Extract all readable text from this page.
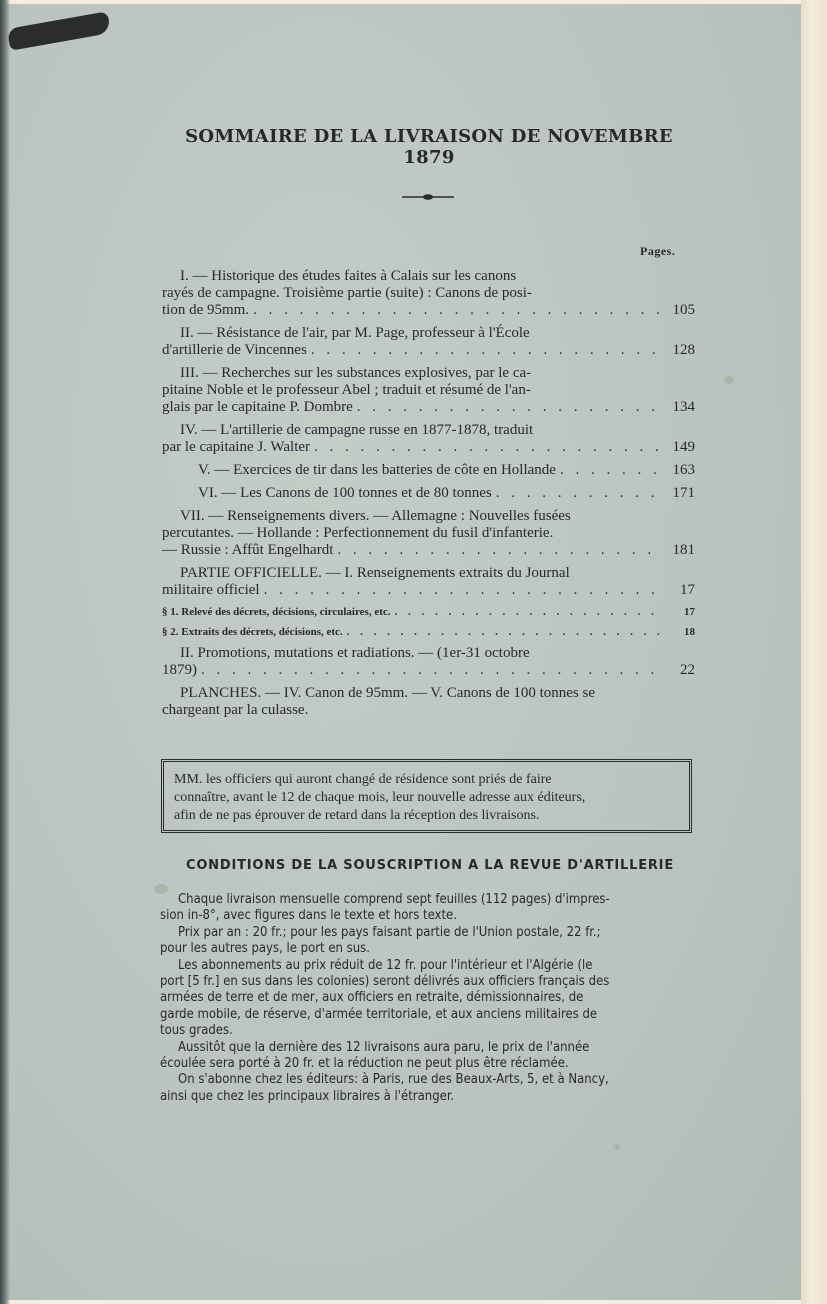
SOMMAIRE DE LA LIVRAISON DE NOVEMBRE 1879
Pages.

I. — Historique des études faites à Calais sur les canons

rayés de campagne. Troisième partie (suite) : Canons de posi-

tion de 95mm. . . .	105

II. — Résistance de l'air, par M. Page, professeur à l'École

d'artillerie de Vincennes . . .	128

III. — Recherches sur les substances explosives, par le ca-

pitaine Noble et le professeur Abel ; traduit et résumé de l'an-

glais par le capitaine P. Dombre . . .	134

IV. — L'artillerie de campagne russe en 1877-1878, traduit

par le capitaine J. Walter . . .	149
V. — Exercices de tir dans les batteries de côte en Hollande . . .	163
VI. — Les Canons de 100 tonnes et de 80 tonnes . . .	171

VII. — Renseignements divers. — Allemagne : Nouvelles fusées

percutantes. — Hollande : Perfectionnement du fusil d'infanterie.

— Russie : Affût Engelhardt . . .	181

PARTIE OFFICIELLE. — I. Renseignements extraits du Journal

militaire officiel . . .	17
§ 1. Relevé des décrets, décisions, circulaires, etc. . . .	17
§ 2. Extraits des décrets, décisions, etc. . . .	18

II. Promotions, mutations et radiations. — (1er-31 octobre

1879) . . .	22

PLANCHES. — IV. Canon de 95mm. — V. Canons de 100 tonnes se

chargeant par la culasse.

MM. les officiers qui auront changé de résidence sont priés de faire
connaître, avant le 12 de chaque mois, leur nouvelle adresse aux éditeurs,
afin de ne pas éprouver de retard dans la réception des livraisons.
CONDITIONS DE LA SOUSCRIPTION A LA REVUE D'ARTILLERIE

Chaque livraison mensuelle comprend sept feuilles (112 pages) d'impres-
sion in-8°, avec figures dans le texte et hors texte.

Prix par an : 20 fr.; pour les pays faisant partie de l'Union postale, 22 fr.;
pour les autres pays, le port en sus.

Les abonnements au prix réduit de 12 fr. pour l'intérieur et l'Algérie (le
port [5 fr.] en sus dans les colonies) seront délivrés aux officiers français des
armées de terre et de mer, aux officiers en retraite, démissionnaires, de
garde mobile, de réserve, d'armée territoriale, et aux anciens militaires de
tous grades.

Aussitôt que la dernière des 12 livraisons aura paru, le prix de l'année
écoulée sera porté à 20 fr. et la réduction ne peut plus être réclamée.

On s'abonne chez les éditeurs: à Paris, rue des Beaux-Arts, 5, et à Nancy,
ainsi que chez les principaux libraires à l'étranger.
